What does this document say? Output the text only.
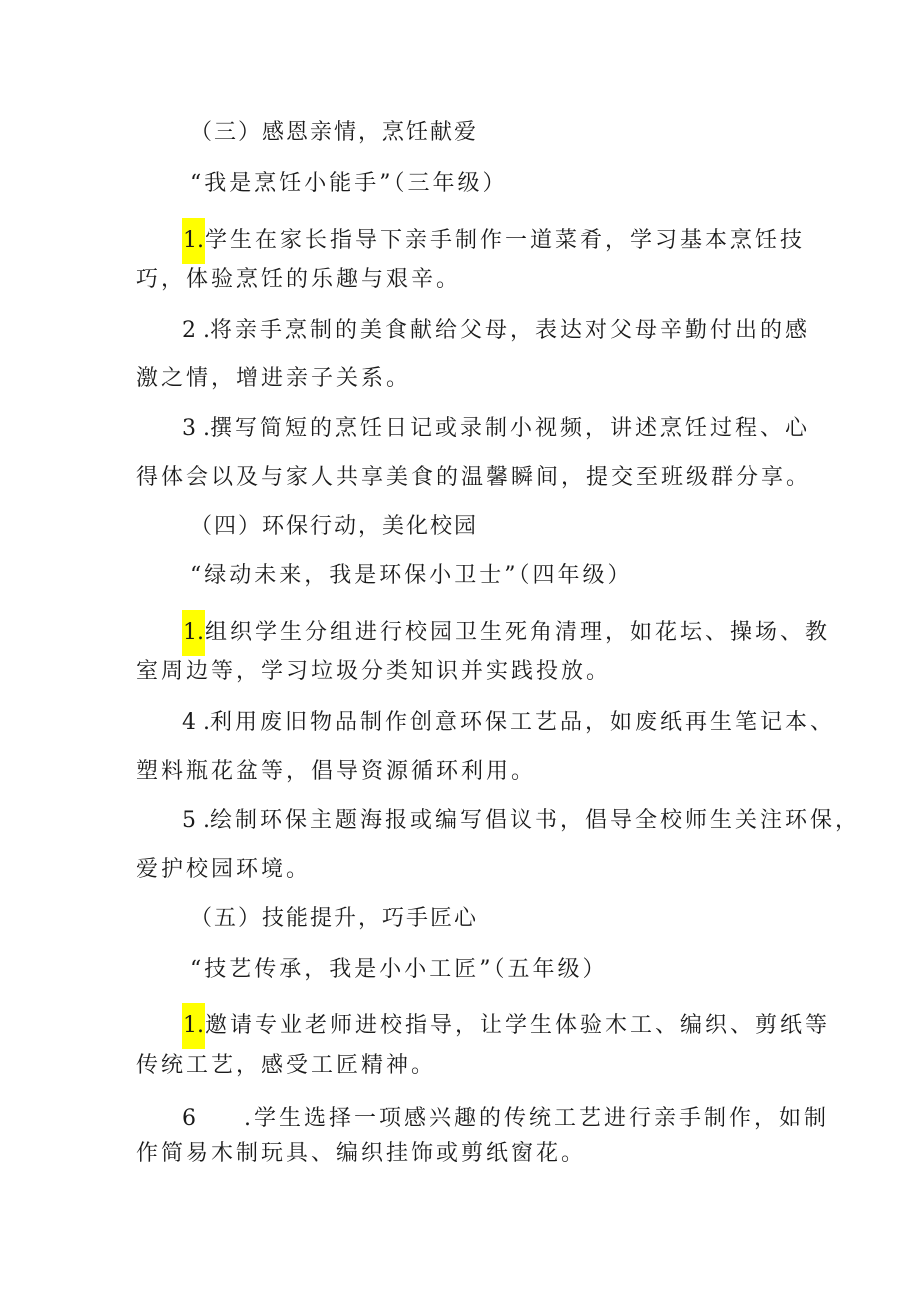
（三）感恩亲情，烹饪献爱
“我是烹饪小能手”（三年级）
1.学生在家长指导下亲手制作一道菜肴，学习基本烹饪技
巧，体验烹饪的乐趣与艰辛。
2 .将亲手烹制的美食献给父母，表达对父母辛勤付出的感
激之情，增进亲子关系。
3 .撰写简短的烹饪日记或录制小视频，讲述烹饪过程、心
得体会以及与家人共享美食的温馨瞬间，提交至班级群分享。
（四）环保行动，美化校园
“绿动未来，我是环保小卫士”（四年级）
1.组织学生分组进行校园卫生死角清理，如花坛、操场、教
室周边等，学习垃圾分类知识并实践投放。
4 .利用废旧物品制作创意环保工艺品，如废纸再生笔记本、
塑料瓶花盆等，倡导资源循环利用。
5 .绘制环保主题海报或编写倡议书，倡导全校师生关注环保，
爱护校园环境。
（五）技能提升，巧手匠心
“技艺传承，我是小小工匠”（五年级）
1.邀请专业老师进校指导，让学生体验木工、编织、剪纸等
传统工艺，感受工匠精神。
6 .学生选择一项感兴趣的传统工艺进行亲手制作，如制
作简易木制玩具、编织挂饰或剪纸窗花。
